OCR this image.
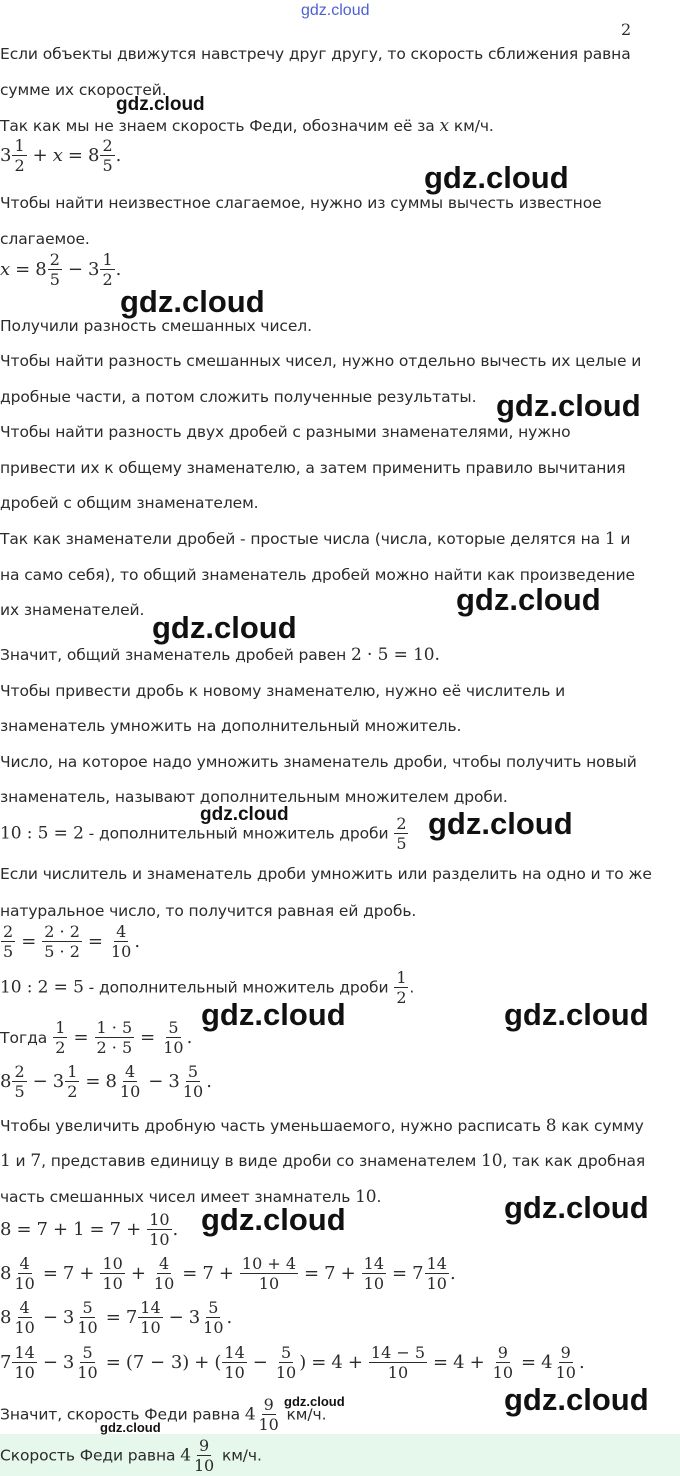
gdz.cloud
2
Если объекты движутся навстречу друг другу, то скорость сближения равна
сумме их скоростей.
Так как мы не знаем скорость Феди, обозначим её за x км/ч.
$3 \frac{1}{2} + x = 8 \frac{2}{5}$ .
Чтобы найти неизвестное слагаемое, нужно из суммы вычесть известное
слагаемое.
$x = 8 \frac{2}{5} - 3 \frac{1}{2}$ .
Получили разность смешанных чисел.
Чтобы найти разность смешанных чисел, нужно отдельно вычесть их целые и
дробные части, а потом сложить полученные результаты.
Чтобы найти разность двух дробей с разными знаменателями, нужно
привести их к общему знаменателю, а затем применить правило вычитания
дробей с общим знаменателем.
Так как знаменатели дробей - простые числа (числа, которые делятся на 1 и
на само себя), то общий знаменатель дробей можно найти как произведение
их знаменателей.
Значит, общий знаменатель дробей равен 2 · 5 = 10.
Чтобы привести дробь к новому знаменателю, нужно её числитель и
знаменатель умножить на дополнительный множитель.
Число, на которое надо умножить знаменатель дроби, чтобы получить новый
знаменатель, называют дополнительным множителем дроби.
10 : 5 = 2 - дополнительный множитель дроби $\frac{2}{5}$
Если числитель и знаменатель дроби умножить или разделить на одно и то же
натуральное число, то получится равная ей дробь.
$\frac{2}{5} = \frac{2 \cdot 2}{5 \cdot 2} = \frac{4}{10}$ .
10 : 2 = 5 - дополнительный множитель дроби $\frac{1}{2}$ .
Тогда $\frac{1}{2} = \frac{1 \cdot 5}{2 \cdot 5} = \frac{5}{10}$ .
$8 \frac{2}{5} - 3 \frac{1}{2} = 8 \frac{4}{10} - 3 \frac{5}{10}$ .
Чтобы увеличить дробную часть уменьшаемого, нужно расписать 8 как сумму
1 и 7, представив единицу в виде дроби со знаменателем 10, так как дробная
часть смешанных чисел имеет знамнатель 10.
$8 = 7 + 1 = 7 + \frac{10}{10}$ .
$8 \frac{4}{10} = 7 + \frac{10}{10} + \frac{4}{10} = 7 + \frac{10 + 4}{10} = 7 + \frac{14}{10} = 7 \frac{14}{10}$ .
$8 \frac{4}{10} - 3 \frac{5}{10} = 7 \frac{14}{10} - 3 \frac{5}{10}$ .
$7 \frac{14}{10} - 3 \frac{5}{10} = (7 - 3)$ + ( $\frac{14}{10} - \frac{5}{10}$ ) = $4 + \frac{14 - 5}{10} = 4 + \frac{9}{10} = 4 \frac{9}{10}$ .
Значит, скорость Феди равна $4 \frac{9}{10} км/ч$.
Скорость Феди равна $4 \frac{9}{10} км/ч$.
gdz.cloud
gdz.cloud
gdz.cloud
gdz.cloud
gdz.cloud
gdz.cloud
gdz.cloud	gdz.cloud
gdz.cloud	gdz.cloud
gdz.cloud
gdz.cloud
gdz.cloud
gdz.cloud
gdz.cloud
